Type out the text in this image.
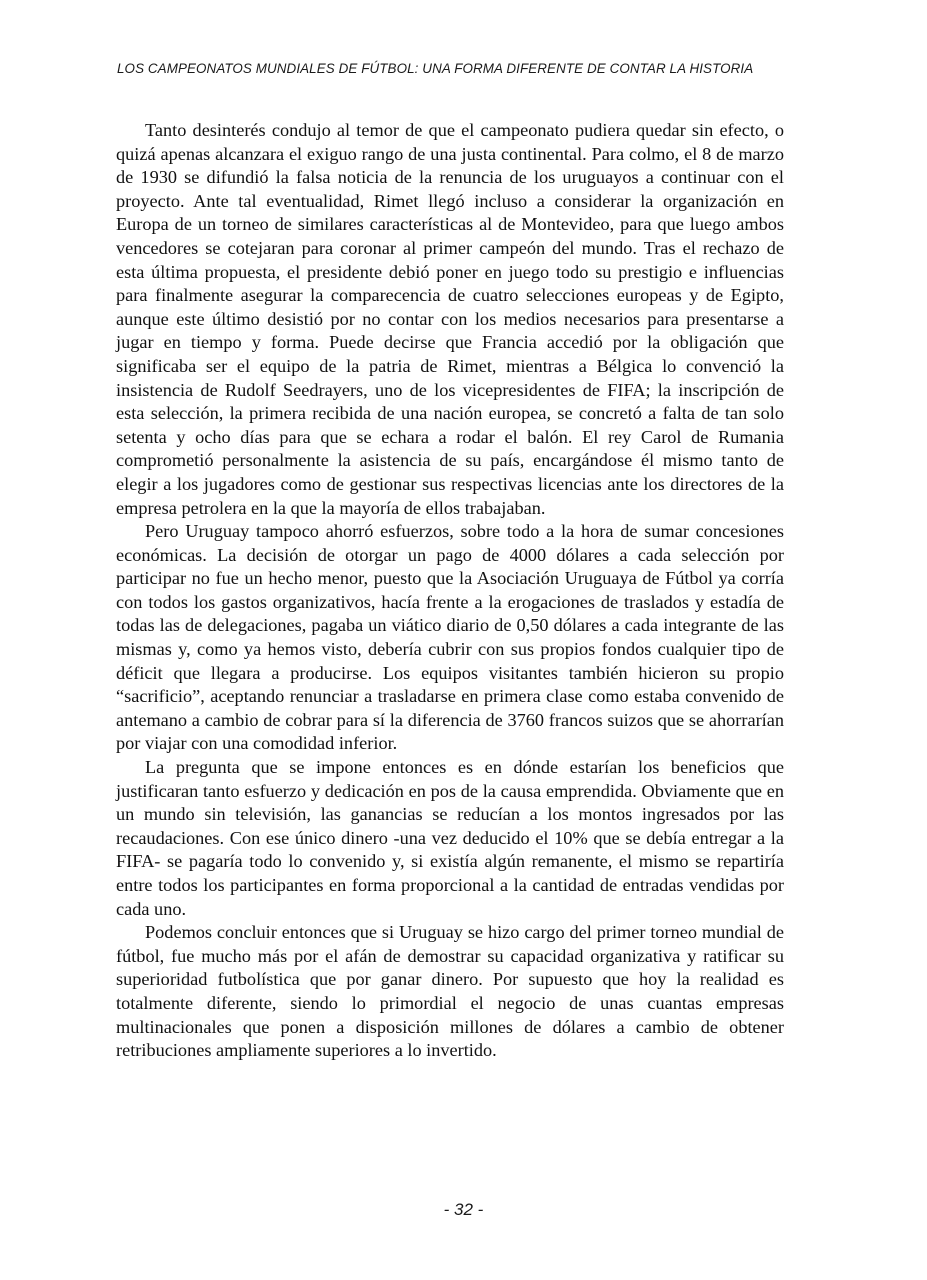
LOS CAMPEONATOS MUNDIALES DE FÚTBOL: UNA FORMA DIFERENTE DE CONTAR LA HISTORIA

Tanto desinterés condujo al temor de que el campeonato pudiera quedar sin efecto, o quizá apenas alcanzara el exiguo rango de una justa continental. Para colmo, el 8 de marzo de 1930 se difundió la falsa noticia de la renuncia de los uruguayos a continuar con el proyecto. Ante tal eventualidad, Rimet llegó incluso a considerar la organización en Europa de un torneo de similares características al de Montevideo, para que luego ambos vencedores se cotejaran para coronar al primer campeón del mundo. Tras el rechazo de esta última propuesta, el presidente debió poner en juego todo su prestigio e influencias para finalmente asegurar la comparecencia de cuatro selecciones europeas y de Egipto, aunque este último desistió por no contar con los medios necesarios para presentarse a jugar en tiempo y forma. Puede decirse que Francia accedió por la obligación que significaba ser el equipo de la patria de Rimet, mientras a Bélgica lo convenció la insistencia de Rudolf Seedrayers, uno de los vicepresidentes de FIFA; la inscripción de esta selección, la primera recibida de una nación europea, se concretó a falta de tan solo setenta y ocho días para que se echara a rodar el balón. El rey Carol de Rumania comprometió personalmente la asistencia de su país, encargándose él mismo tanto de elegir a los jugadores como de gestionar sus respectivas licencias ante los directores de la empresa petrolera en la que la mayoría de ellos trabajaban.

Pero Uruguay tampoco ahorró esfuerzos, sobre todo a la hora de sumar concesiones económicas. La decisión de otorgar un pago de 4000 dólares a cada selección por participar no fue un hecho menor, puesto que la Asociación Uruguaya de Fútbol ya corría con todos los gastos organizativos, hacía frente a la erogaciones de traslados y estadía de todas las de delegaciones, pagaba un viático diario de 0,50 dólares a cada integrante de las mismas y, como ya hemos visto, debería cubrir con sus propios fondos cualquier tipo de déficit que llegara a producirse. Los equipos visitantes también hicieron su propio “sacrificio”, aceptando renunciar a trasladarse en primera clase como estaba convenido de antemano a cambio de cobrar para sí la diferencia de 3760 francos suizos que se ahorrarían por viajar con una comodidad inferior.

La pregunta que se impone entonces es en dónde estarían los beneficios que justificaran tanto esfuerzo y dedicación en pos de la causa emprendida. Obviamente que en un mundo sin televisión, las ganancias se reducían a los montos ingresados por las recaudaciones. Con ese único dinero -una vez deducido el 10% que se debía entregar a la FIFA- se pagaría todo lo convenido y, si existía algún remanente, el mismo se repartiría entre todos los participantes en forma proporcional a la cantidad de entradas vendidas por cada uno.

Podemos concluir entonces que si Uruguay se hizo cargo del primer torneo mundial de fútbol, fue mucho más por el afán de demostrar su capacidad organizativa y ratificar su superioridad futbolística que por ganar dinero. Por supuesto que hoy la realidad es totalmente diferente, siendo lo primordial el negocio de unas cuantas empresas multinacionales que ponen a disposición millones de dólares a cambio de obtener retribuciones ampliamente superiores a lo invertido.

- 32 -
